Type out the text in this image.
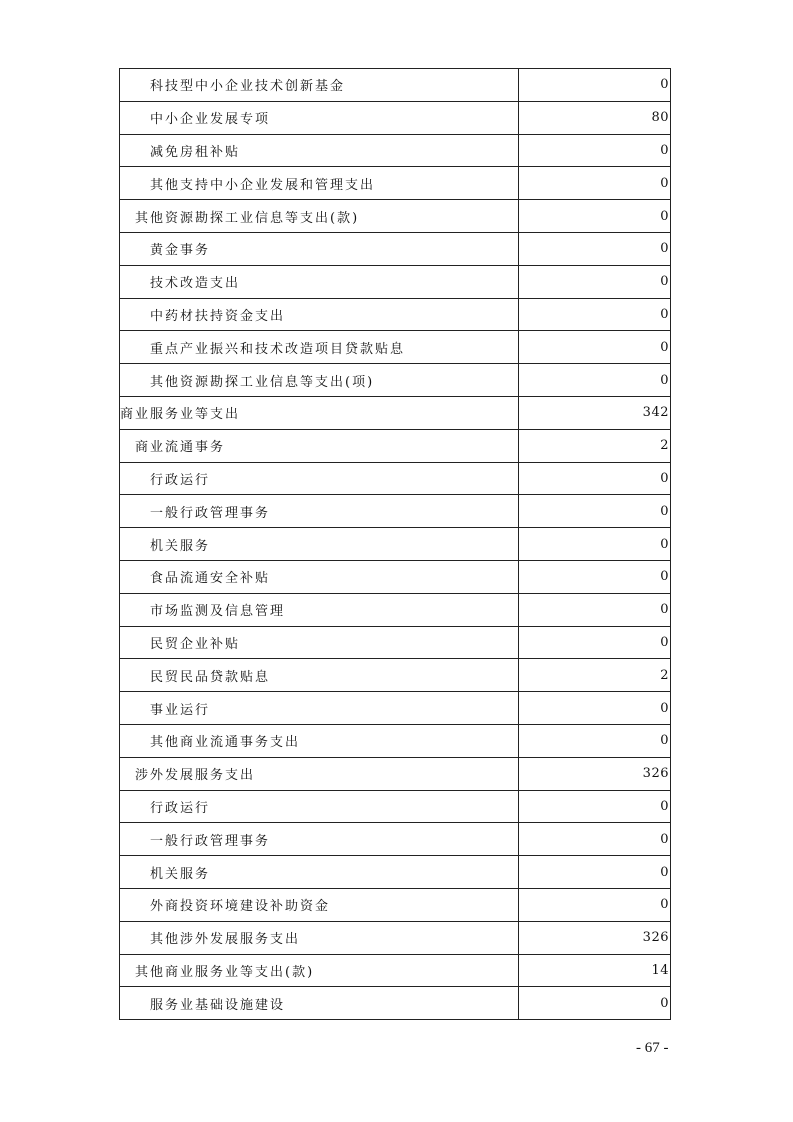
科技型中小企业技术创新基金	0
中小企业发展专项	80
减免房租补贴	0
其他支持中小企业发展和管理支出	0
其他资源勘探工业信息等支出(款)	0
黄金事务	0
技术改造支出	0
中药材扶持资金支出	0
重点产业振兴和技术改造项目贷款贴息	0
其他资源勘探工业信息等支出(项)	0
商业服务业等支出	342
商业流通事务	2
行政运行	0
一般行政管理事务	0
机关服务	0
食品流通安全补贴	0
市场监测及信息管理	0
民贸企业补贴	0
民贸民品贷款贴息	2
事业运行	0
其他商业流通事务支出	0
涉外发展服务支出	326
行政运行	0
一般行政管理事务	0
机关服务	0
外商投资环境建设补助资金	0
其他涉外发展服务支出	326
其他商业服务业等支出(款)	14
服务业基础设施建设	0
- 67 -
